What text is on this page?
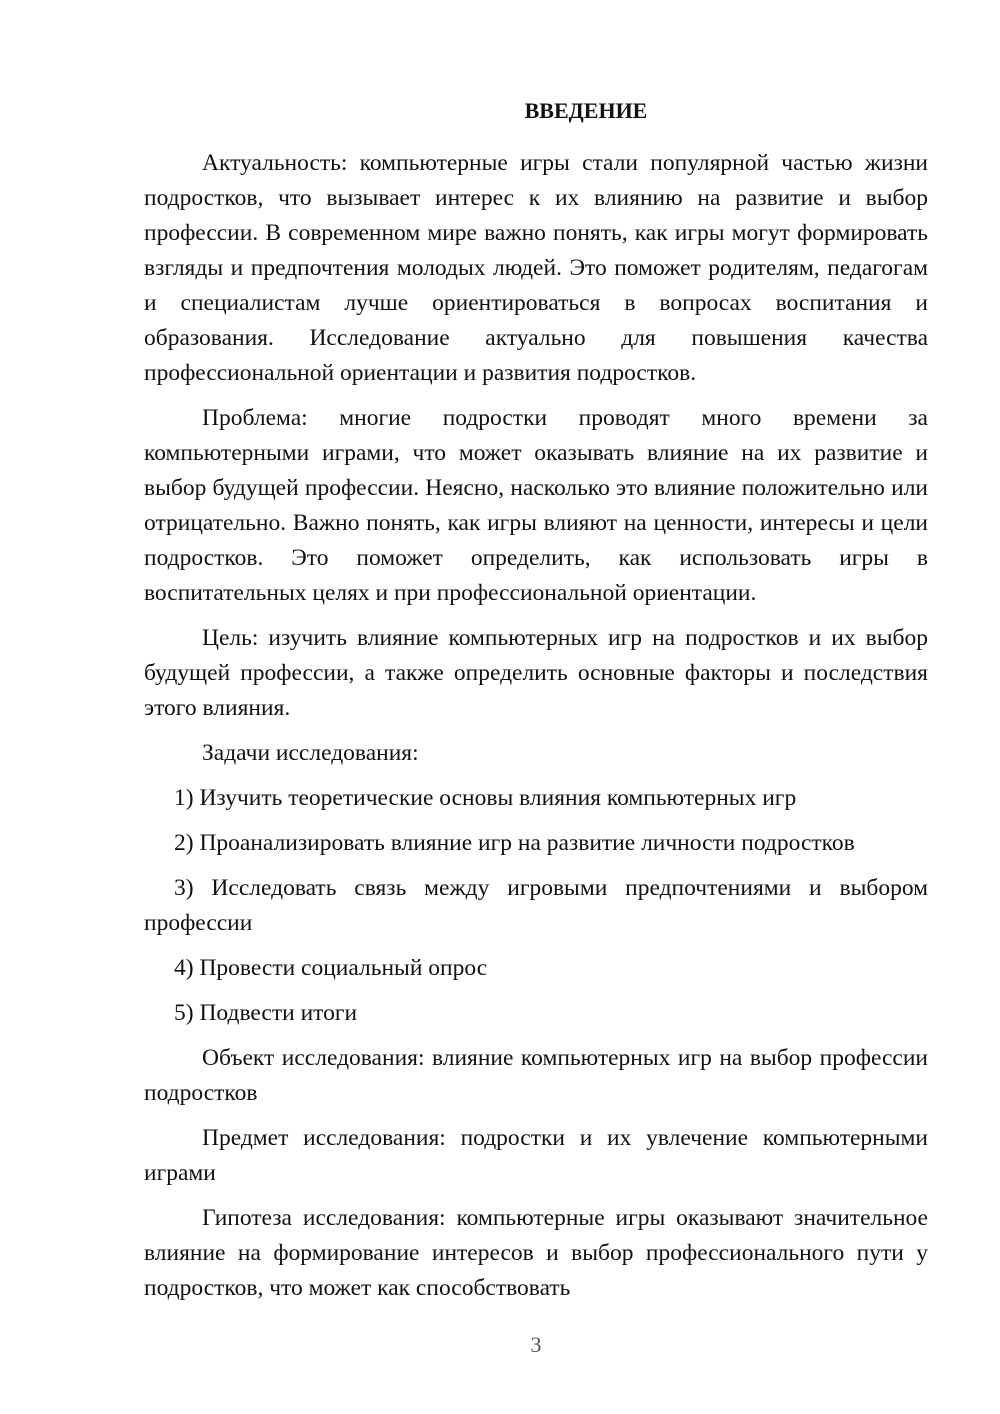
ВВЕДЕНИЕ

Актуальность: компьютерные игры стали популярной частью жизни подростков, что вызывает интерес к их влиянию на развитие и выбор профессии. В современном мире важно понять, как игры могут формировать взгляды и предпочтения молодых людей. Это поможет родителям, педагогам и специалистам лучше ориентироваться в вопросах воспитания и образования. Исследование актуально для повышения качества профессиональной ориентации и развития подростков.

Проблема: многие подростки проводят много времени за компьютерными играми, что может оказывать влияние на их развитие и выбор будущей профессии. Неясно, насколько это влияние положительно или отрицательно. Важно понять, как игры влияют на ценности, интересы и цели подростков. Это поможет определить, как использовать игры в воспитательных целях и при профессиональной ориентации.

Цель: изучить влияние компьютерных игр на подростков и их выбор будущей профессии, а также определить основные факторы и последствия этого влияния.

Задачи исследования:

1) Изучить теоретические основы влияния компьютерных игр

2) Проанализировать влияние игр на развитие личности подростков

3) Исследовать связь между игровыми предпочтениями и выбором профессии

4) Провести социальный опрос

5) Подвести итоги

Объект исследования: влияние компьютерных игр на выбор профессии подростков

Предмет исследования: подростки и их увлечение компьютерными играми

Гипотеза исследования: компьютерные игры оказывают значительное влияние на формирование интересов и выбор профессионального пути у подростков, что может как способствовать

3
